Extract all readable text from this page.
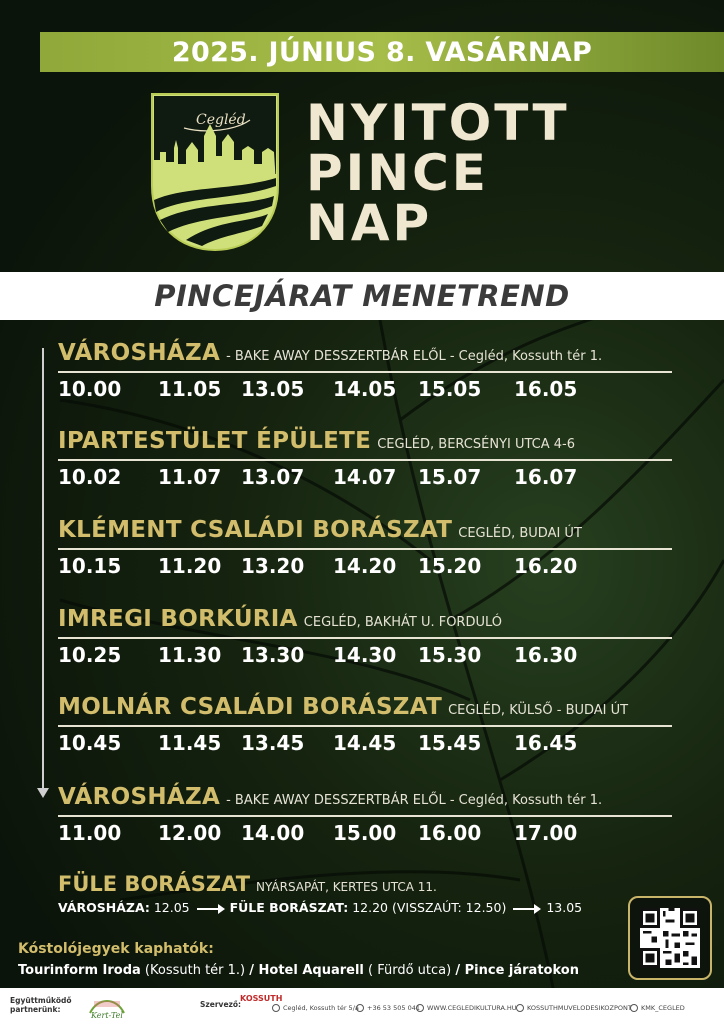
2025. JÚNIUS 8. VASÁRNAP
Cegléd NYITOTT
PINCE
NAP
PINCEJÁRAT MENETREND
VÁROSHÁZA - BAKE AWAY DESSZERTBÁR ELŐL - Cegléd, Kossuth tér 1.
10.00 11.05 13.05 14.05 15.05 16.05
IPARTESTÜLET ÉPÜLETE CEGLÉD, BERCSÉNYI UTCA 4-6
10.02 11.07 13.07 14.07 15.07 16.07
KLÉMENT CSALÁDI BORÁSZAT CEGLÉD, BUDAI ÚT
10.15 11.20 13.20 14.20 15.20 16.20
IMREGI BORKÚRIA CEGLÉD, BAKHÁT U. FORDULÓ
10.25 11.30 13.30 14.30 15.30 16.30
MOLNÁR CSALÁDI BORÁSZAT CEGLÉD, KÜLSŐ - BUDAI ÚT
10.45 11.45 13.45 14.45 15.45 16.45
VÁROSHÁZA - BAKE AWAY DESSZERTBÁR ELŐL - Cegléd, Kossuth tér 1.
11.00 12.00 14.00 15.00 16.00 17.00
FÜLE BORÁSZAT NYÁRSAPÁT, KERTES UTCA 11.
VÁROSHÁZA: 12.05	FÜLE BORÁSZAT: 12.20 (VISSZAÚT: 12.50)	13.05
Kóstolójegyek kaphatók:
Tourinform Iroda (Kossuth tér 1.) / Hotel Aquarell ( Fürdő utca) / Pince járatokon
Együttműködő
partnerünk:
Kert-Tel
Szervező:
KOSSUTH
Cegléd, Kossuth tér 5/a	+36 53 505 041	WWW.CEGLEDIKULTURA.HU	KOSSUTHMUVELODESIKOZPONT	KMK_CEGLED
